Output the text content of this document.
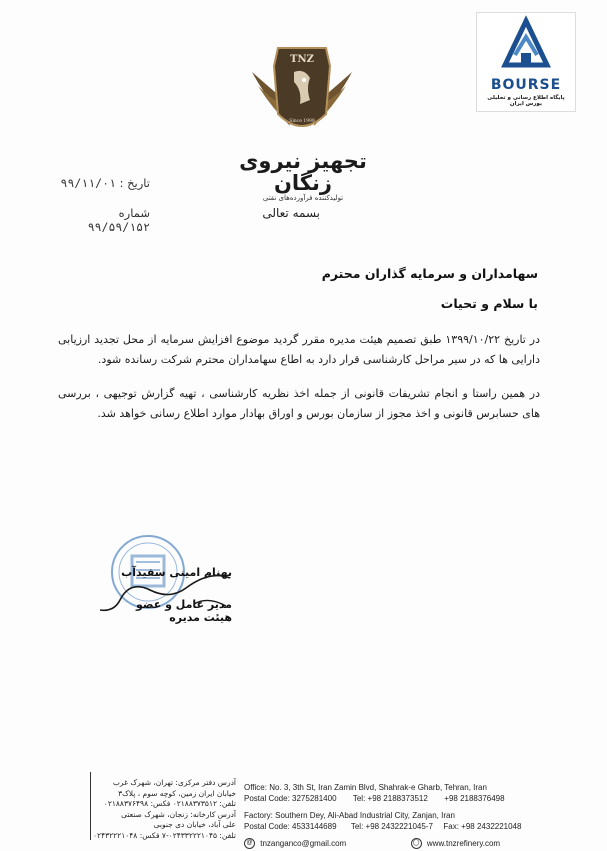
TNZ
Since 1999
تجهیز نیروی زنگان
تولیدکننده فرآورده‌های نفتی
BOURSE
پایگاه اطلاع رسانی و تحلیلی بورس ایران
تاریخ : ۹۹/۱۱/۰۱
شماره ۹۹/۵۹/۱۵۲
بسمه تعالی
سهامداران و سرمایه گذاران محترم
با سلام و تحیات
در تاریخ ۱۳۹۹/۱۰/۲۲ طبق تصمیم هیئت مدیره مقرر گردید موضوع افزایش سرمایه از محل تجدید ارزیابی دارایی ها که در سیر مراحل کارشناسی قرار دارد به اطاع سهامداران محترم شرکت رسانده شود.
در همین راستا و انجام تشریفات قانونی از جمله اخذ نظریه کارشناسی ، تهیه گزارش توجیهی ، بررسی های حسابرس قانونی و اخذ مجوز از سازمان بورس و اوراق بهادار موارد اطلاع رسانی خواهد شد.
بهنام امینی سفیدآب
مدیر عامل و عضو هیئت مدیره
آدرس دفتر مرکزی: تهران، شهرک غرب
خیابان ایران زمین، کوچه سوم ، پلاک۳
تلفن: ۰۲۱۸۸۳۷۳۵۱۲ فکس: ۰۲۱۸۸۳۷۶۴۹۸
آدرس کارخانه: زنجان، شهرک صنعتی
علی آباد، خیابان دی جنوبی
تلفن: ۰۲۴۳۳۲۲۲۱۰۴۵-۷ فکس: ۰۲۴۳۲۲۲۱۰۴۸
Office: No. 3, 3th St, Iran Zamin Blvd, Shahrak-e Gharb, Tehran, Iran
Postal Code: 3275281400 Tel: +98 2188373512 +98 2188376498
Factory: Southern Dey, Ali-Abad Industrial City, Zanjan, Iran
Postal Code: 4533144689 Tel: +98 2432221045-7 Fax: +98 2432221048
@ tnzanganco@gmail.com	◯ www.tnzrefinery.com
